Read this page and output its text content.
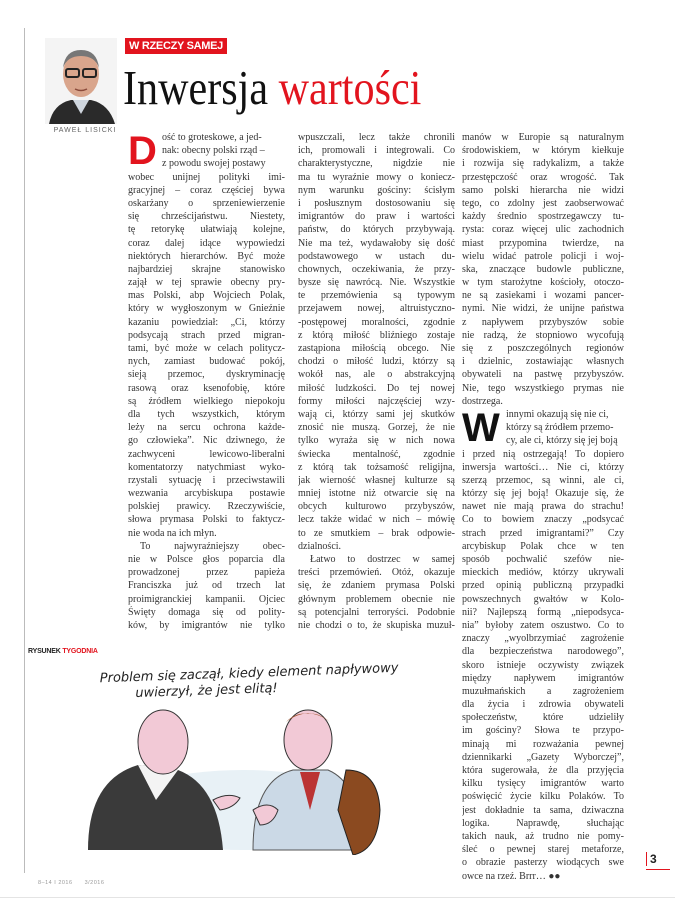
PAWEŁ LISICKI
W RZECZY SAMEJ
Inwersja wartości
D ość to groteskowe, a jed-
nak: obecny polski rząd –
z powodu swojej postawy
wobec unijnej polityki imi-
gracyjnej – coraz częściej bywa
oskarżany o sprzeniewierzenie
się chrześcijaństwu. Niestety,
tę retorykę ułatwiają kolejne,
coraz dalej idące wypowiedzi
niektórych hierarchów. Być może
najbardziej skrajne stanowisko
zajął w tej sprawie obecny pry-
mas Polski, abp Wojciech Polak,
który w wygłoszonym w Gnieźnie
kazaniu powiedział: „Ci, którzy
podsycają strach przed migran-
tami, być może w celach politycz-
nych, zamiast budować pokój,
sieją przemoc, dyskryminację
rasową oraz ksenofobię, które
są źródłem wielkiego niepokoju
dla tych wszystkich, którym
leży na sercu ochrona każde-
go człowieka”. Nic dziwnego, że
zachwyceni lewicowo-liberalni
komentatorzy natychmiast wyko-
rzystali sytuację i przeciwstawili
wezwania arcybiskupa postawie
polskiej prawicy. Rzeczywiście,
słowa prymasa Polski to faktycz-
nie woda na ich młyn.
To najwyraźniejszy obec-
nie w Polsce głos poparcia dla
prowadzonej przez papieża
Franciszka już od trzech lat
proimigranckiej kampanii. Ojciec
Święty domaga się od polity-
ków, by imigrantów nie tylko
wpuszczali, lecz także chronili
ich, promowali i integrowali. Co
charakterystyczne, nigdzie nie
ma tu wyraźnie mowy o koniecz-
nym warunku gościny: ścisłym
i posłusznym dostosowaniu się
imigrantów do praw i wartości
państw, do których przybywają.
Nie ma też, wydawałoby się dość
podstawowego w ustach du-
chownych, oczekiwania, że przy-
bysze się nawrócą. Nie. Wszystkie
te przemówienia są typowym
przejawem nowej, altruistyczno-
-postępowej moralności, zgodnie
z którą miłość bliźniego zostaje
zastąpiona miłością obcego. Nie
chodzi o miłość ludzi, którzy są
wokół nas, ale o abstrakcyjną
miłość ludzkości. Do tej nowej
formy miłości najczęściej wzy-
wają ci, którzy sami jej skutków
znosić nie muszą. Gorzej, że nie
tylko wyraża się w nich nowa
świecka mentalność, zgodnie
z którą tak tożsamość religijna,
jak wierność własnej kulturze są
mniej istotne niż otwarcie się na
obcych kulturowo przybyszów,
lecz także widać w nich – mówię
to ze smutkiem – brak odpowie-
dzialności.
Łatwo to dostrzec w samej
treści przemówień. Otóż, okazuje
się, że zdaniem prymasa Polski
głównym problemem obecnie nie
są potencjalni terroryści. Podobnie
nie chodzi o to, że skupiska muzuł-
manów w Europie są naturalnym
środowiskiem, w którym kiełkuje
i rozwija się radykalizm, a także
przestępczość oraz wrogość. Tak
samo polski hierarcha nie widzi
tego, co zdolny jest zaobserwować
każdy średnio spostrzegawczy tu-
rysta: coraz więcej ulic zachodnich
miast przypomina twierdze, na
wielu widać patrole policji i woj-
ska, znaczące budowle publiczne,
w tym starożytne kościoły, otoczo-
ne są zasiekami i wozami pancer-
nymi. Nie widzi, że unijne państwa
z napływem przybyszów sobie
nie radzą, że stopniowo wycofują
się z poszczególnych regionów
i dzielnic, zostawiając własnych
obywateli na pastwę przybyszów.
Nie, tego wszystkiego prymas nie
dostrzega.
W innymi okazują się nie ci,
którzy są źródłem przemo-
cy, ale ci, którzy się jej boją
i przed nią ostrzegają! To dopiero
inwersja wartości… Nie ci, którzy
szerzą przemoc, są winni, ale ci,
którzy się jej boją! Okazuje się, że
nawet nie mają prawa do strachu!
Co to bowiem znaczy „podsycać
strach przed imigrantami?” Czy
arcybiskup Polak chce w ten
sposób pochwalić szefów nie-
mieckich mediów, którzy ukrywali
przed opinią publiczną przypadki
powszechnych gwałtów w Kolo-
nii? Najlepszą formą „niepodsyca-
nia” byłoby zatem oszustwo. Co to
znaczy „wyolbrzymiać zagrożenie
dla bezpieczeństwa narodowego”,
skoro istnieje oczywisty związek
między napływem imigrantów
muzułmańskich a zagrożeniem
dla życia i zdrowia obywateli
społeczeństw, które udzieliły
im gościny? Słowa te przypo-
minają mi rozważania pewnej
dziennikarki „Gazety Wyborczej”,
która sugerowała, że dla przyjęcia
kilku tysięcy imigrantów warto
poświęcić życie kilku Polaków. To
jest dokładnie ta sama, dziwaczna
logika. Naprawdę, słuchając
takich nauk, aż trudno nie pomy-
śleć o pewnej starej metaforze,
o obrazie pasterzy wiodących swe
owce na rzeź. Brrr… ●●
RYSUNEK TYGODNIA
Problem się zaczął, kiedy element napływowy
uwierzył, że jest elitą!
3
8–14 I 2016 3/2016
